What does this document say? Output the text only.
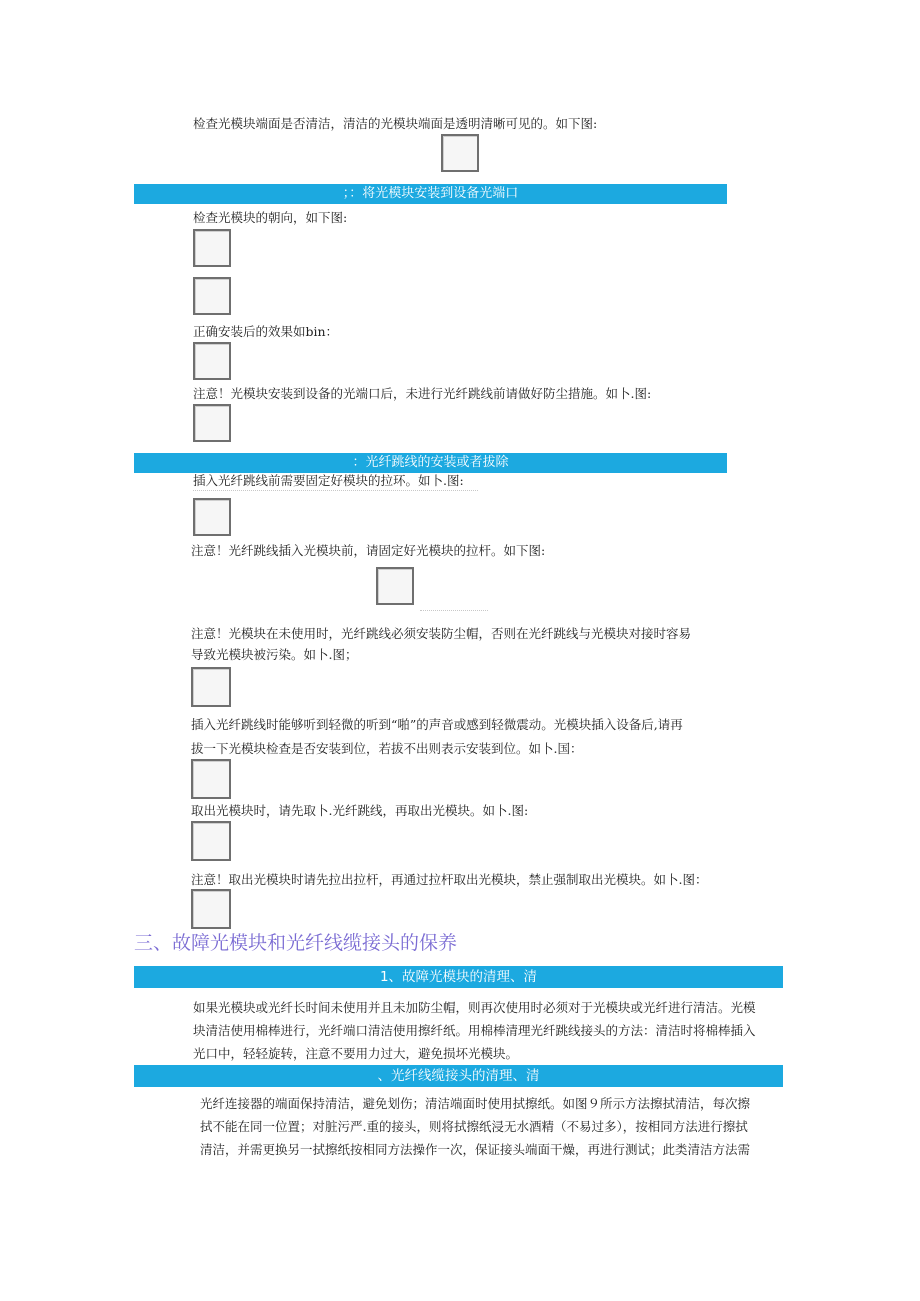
检查光模块端面是否清洁，清洁的光模块端面是透明清晰可见的。如下图:
；：将光模块安装到设备光端口
检查光模块的朝向，如下图:
正确安装后的效果如bin：
注意！光模块安装到设备的光端口后，未进行光纤跳线前请做好防尘措施。如卜.图:
：光纤跳线的安装或者拔除
插入光纤跳线前需要固定好模块的拉环。如卜.图:
注意！光纤跳线插入光模块前，请固定好光模块的拉杆。如下图:
注意！光模块在未使用时，光纤跳线必须安装防尘帽，否则在光纤跳线与光模块对接时容易
导致光模块被污染。如卜.图；
插入光纤跳线时能够听到轻微的听到“啪”的声音或感到轻微震动。光模块插入设备后,请再
拔一下光模块检查是否安装到位，若拔不出则表示安装到位。如卜.国：
取出光模块时，请先取卜.光纤跳线，再取出光模块。如卜.图:
注意！取出光模块时请先拉出拉杆，再通过拉杆取出光模块，禁止强制取出光模块。如卜.图：
三、故障光模块和光纤线缆接头的保养
1、故障光模块的清理、清
如果光模块或光纤长时间未使用并且未加防尘帽，则再次使用时必须对于光模块或光纤进行清洁。光模
块清洁使用棉棒进行，光纤端口清洁使用擦纤纸。用棉棒清理光纤跳线接头的方法：清洁时将棉棒插入
光口中，轻轻旋转，注意不要用力过大，避免损坏光模块。
、光纤线缆接头的清理、清
光纤连接器的端面保持清洁，避免划伤；清洁端面时使用拭擦纸。如图９所示方法擦拭清洁，每次擦
拭不能在同一位置；对脏污严.重的接头，则将拭擦纸浸无水酒精（不易过多），按相同方法进行擦拭
清洁，并需更换另一拭擦纸按相同方法操作一次，保证接头端面干燥，再进行测试；此类清洁方法需
